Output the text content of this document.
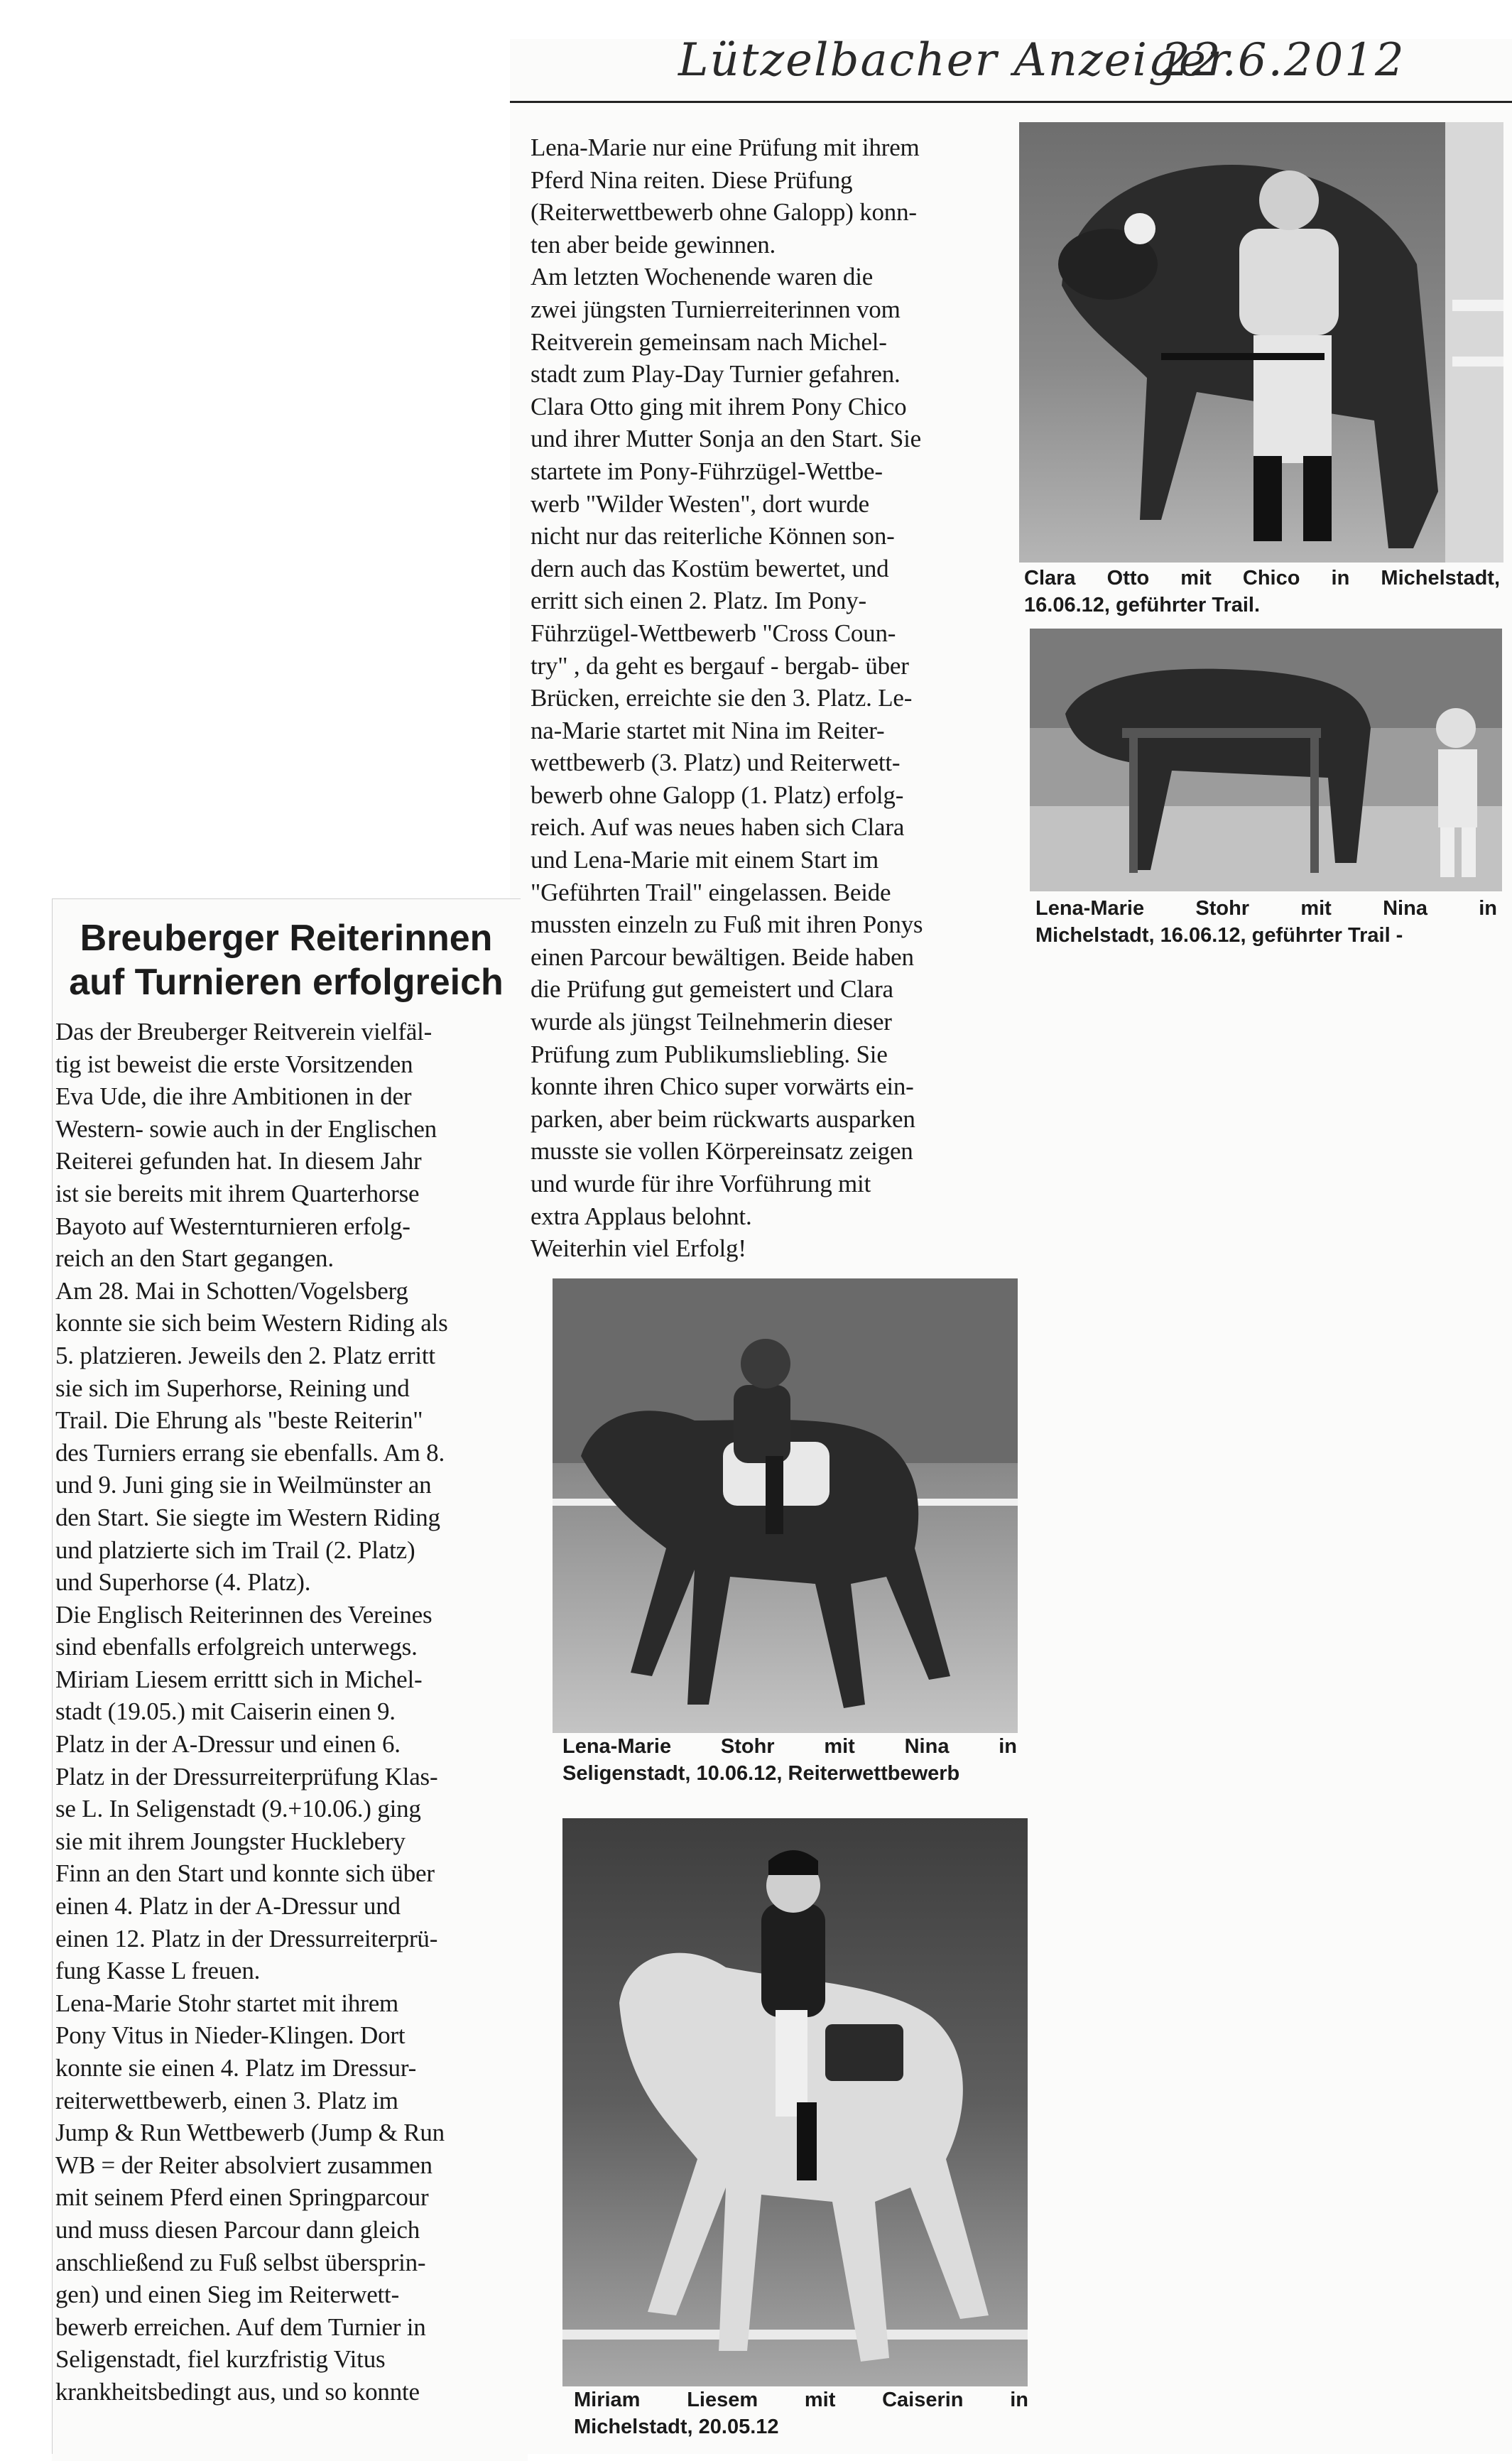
Lützelbacher Anzeiger
22.6.2012
Breuberger Reiterinnen
auf Turnieren erfolgreich
Das der Breuberger Reitverein vielfäl-
tig ist beweist die erste Vorsitzenden
Eva Ude, die ihre Ambitionen in der
Western- sowie auch in der Englischen
Reiterei gefunden hat. In diesem Jahr
ist sie bereits mit ihrem Quarterhorse
Bayoto auf Westernturnieren erfolg-
reich an den Start gegangen.
Am 28. Mai in Schotten/Vogelsberg
konnte sie sich beim Western Riding als
5. platzieren. Jeweils den 2. Platz erritt
sie sich im Superhorse, Reining und
Trail. Die Ehrung als "beste Reiterin"
des Turniers errang sie ebenfalls. Am 8.
und 9. Juni ging sie in Weilmünster an
den Start. Sie siegte im Western Riding
und platzierte sich im Trail (2. Platz)
und Superhorse (4. Platz).
Die Englisch Reiterinnen des Vereines
sind ebenfalls erfolgreich unterwegs.
Miriam Liesem errittt sich in Michel-
stadt (19.05.) mit Caiserin einen 9.
Platz in der A-Dressur und einen 6.
Platz in der Dressurreiterprüfung Klas-
se L. In Seligenstadt (9.+10.06.) ging
sie mit ihrem Joungster Hucklebery
Finn an den Start und konnte sich über
einen 4. Platz in der A-Dressur und
einen 12. Platz in der Dressurreiterprü-
fung Kasse L freuen.
Lena-Marie Stohr startet mit ihrem
Pony Vitus in Nieder-Klingen. Dort
konnte sie einen 4. Platz im Dressur-
reiterwettbewerb, einen 3. Platz im
Jump & Run Wettbewerb (Jump & Run
WB = der Reiter absolviert zusammen
mit seinem Pferd einen Springparcour
und muss diesen Parcour dann gleich
anschließend zu Fuß selbst übersprin-
gen) und einen Sieg im Reiterwett-
bewerb erreichen. Auf dem Turnier in
Seligenstadt, fiel kurzfristig Vitus
krankheitsbedingt aus, und so konnte
Lena-Marie nur eine Prüfung mit ihrem
Pferd Nina reiten. Diese Prüfung
(Reiterwettbewerb ohne Galopp) konn-
ten aber beide gewinnen.
Am letzten Wochenende waren die
zwei jüngsten Turnierreiterinnen vom
Reitverein gemeinsam nach Michel-
stadt zum Play-Day Turnier gefahren.
Clara Otto ging mit ihrem Pony Chico
und ihrer Mutter Sonja an den Start. Sie
startete im Pony-Führzügel-Wettbe-
werb "Wilder Westen", dort wurde
nicht nur das reiterliche Können son-
dern auch das Kostüm bewertet, und
erritt sich einen 2. Platz. Im Pony-
Führzügel-Wettbewerb "Cross Coun-
try" , da geht es bergauf - bergab- über
Brücken, erreichte sie den 3. Platz. Le-
na-Marie startet mit Nina im Reiter-
wettbewerb (3. Platz) und Reiterwett-
bewerb ohne Galopp (1. Platz) erfolg-
reich. Auf was neues haben sich Clara
und Lena-Marie mit einem Start im
"Geführten Trail" eingelassen. Beide
mussten einzeln zu Fuß mit ihren Ponys
einen Parcour bewältigen. Beide haben
die Prüfung gut gemeistert und Clara
wurde als jüngst Teilnehmerin dieser
Prüfung zum Publikumsliebling. Sie
konnte ihren Chico super vorwärts ein-
parken, aber beim rückwarts ausparken
musste sie vollen Körpereinsatz zeigen
und wurde für ihre Vorführung mit
extra Applaus belohnt.
Weiterhin viel Erfolg!
Clara Otto mit Chico in Michelstadt,
16.06.12, geführter Trail.
Lena-Marie Stohr mit Nina in
Michelstadt, 16.06.12, geführter Trail -
Lena-Marie Stohr mit Nina in
Seligenstadt, 10.06.12, Reiterwettbewerb
Miriam Liesem mit Caiserin in
Michelstadt, 20.05.12
